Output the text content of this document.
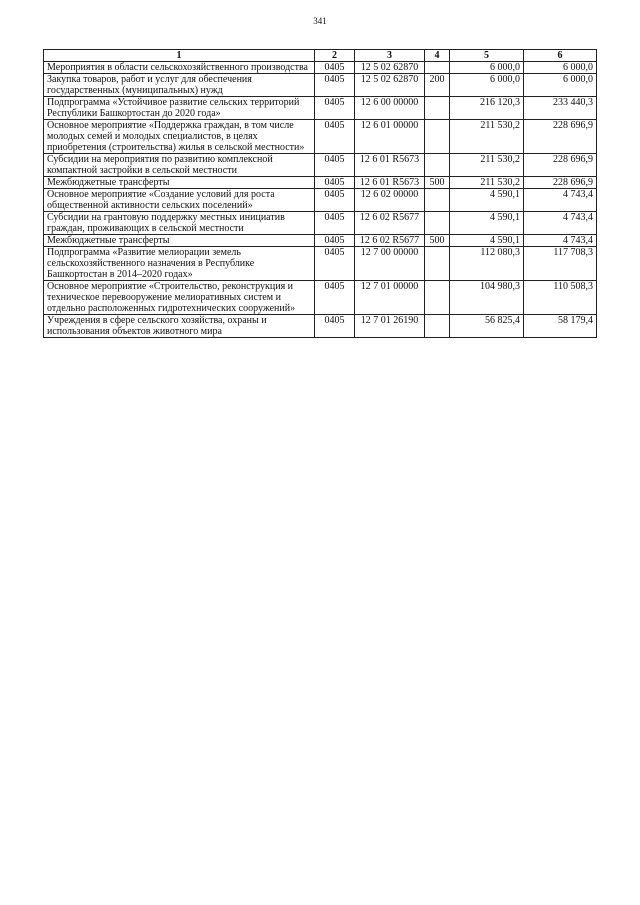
341
1	2	3	4	5	6
Мероприятия в области сельскохозяйственного производства	0405	12 5 02 62870		6 000,0	6 000,0
Закупка товаров, работ и услуг для обеспечения государственных (муниципальных) нужд	0405	12 5 02 62870	200	6 000,0	6 000,0
Подпрограмма «Устойчивое развитие сельских территорий Республики Башкортостан до 2020 года»	0405	12 6 00 00000		216 120,3	233 440,3
Основное мероприятие «Поддержка граждан, в том числе молодых семей и молодых специалистов, в целях приобретения (строительства) жилья в сельской местности»	0405	12 6 01 00000		211 530,2	228 696,9
Субсидии на мероприятия по развитию комплексной компактной застройки в сельской местности	0405	12 6 01 R5673		211 530,2	228 696,9
Межбюджетные трансферты	0405	12 6 01 R5673	500	211 530,2	228 696,9
Основное мероприятие «Создание условий для роста общественной активности сельских поселений»	0405	12 6 02 00000		4 590,1	4 743,4
Субсидии на грантовую поддержку местных инициатив граждан, проживающих в сельской местности	0405	12 6 02 R5677		4 590,1	4 743,4
Межбюджетные трансферты	0405	12 6 02 R5677	500	4 590,1	4 743,4
Подпрограмма «Развитие мелиорации земель сельскохозяйственного назначения в Республике Башкортостан в 2014–2020 годах»	0405	12 7 00 00000		112 080,3	117 708,3
Основное мероприятие «Строительство, реконструкция и техническое перевооружение мелиоративных систем и отдельно расположенных гидротехнических сооружений»	0405	12 7 01 00000		104 980,3	110 508,3
Учреждения в сфере сельского хозяйства, охраны и использования объектов животного мира	0405	12 7 01 26190		56 825,4	58 179,4
